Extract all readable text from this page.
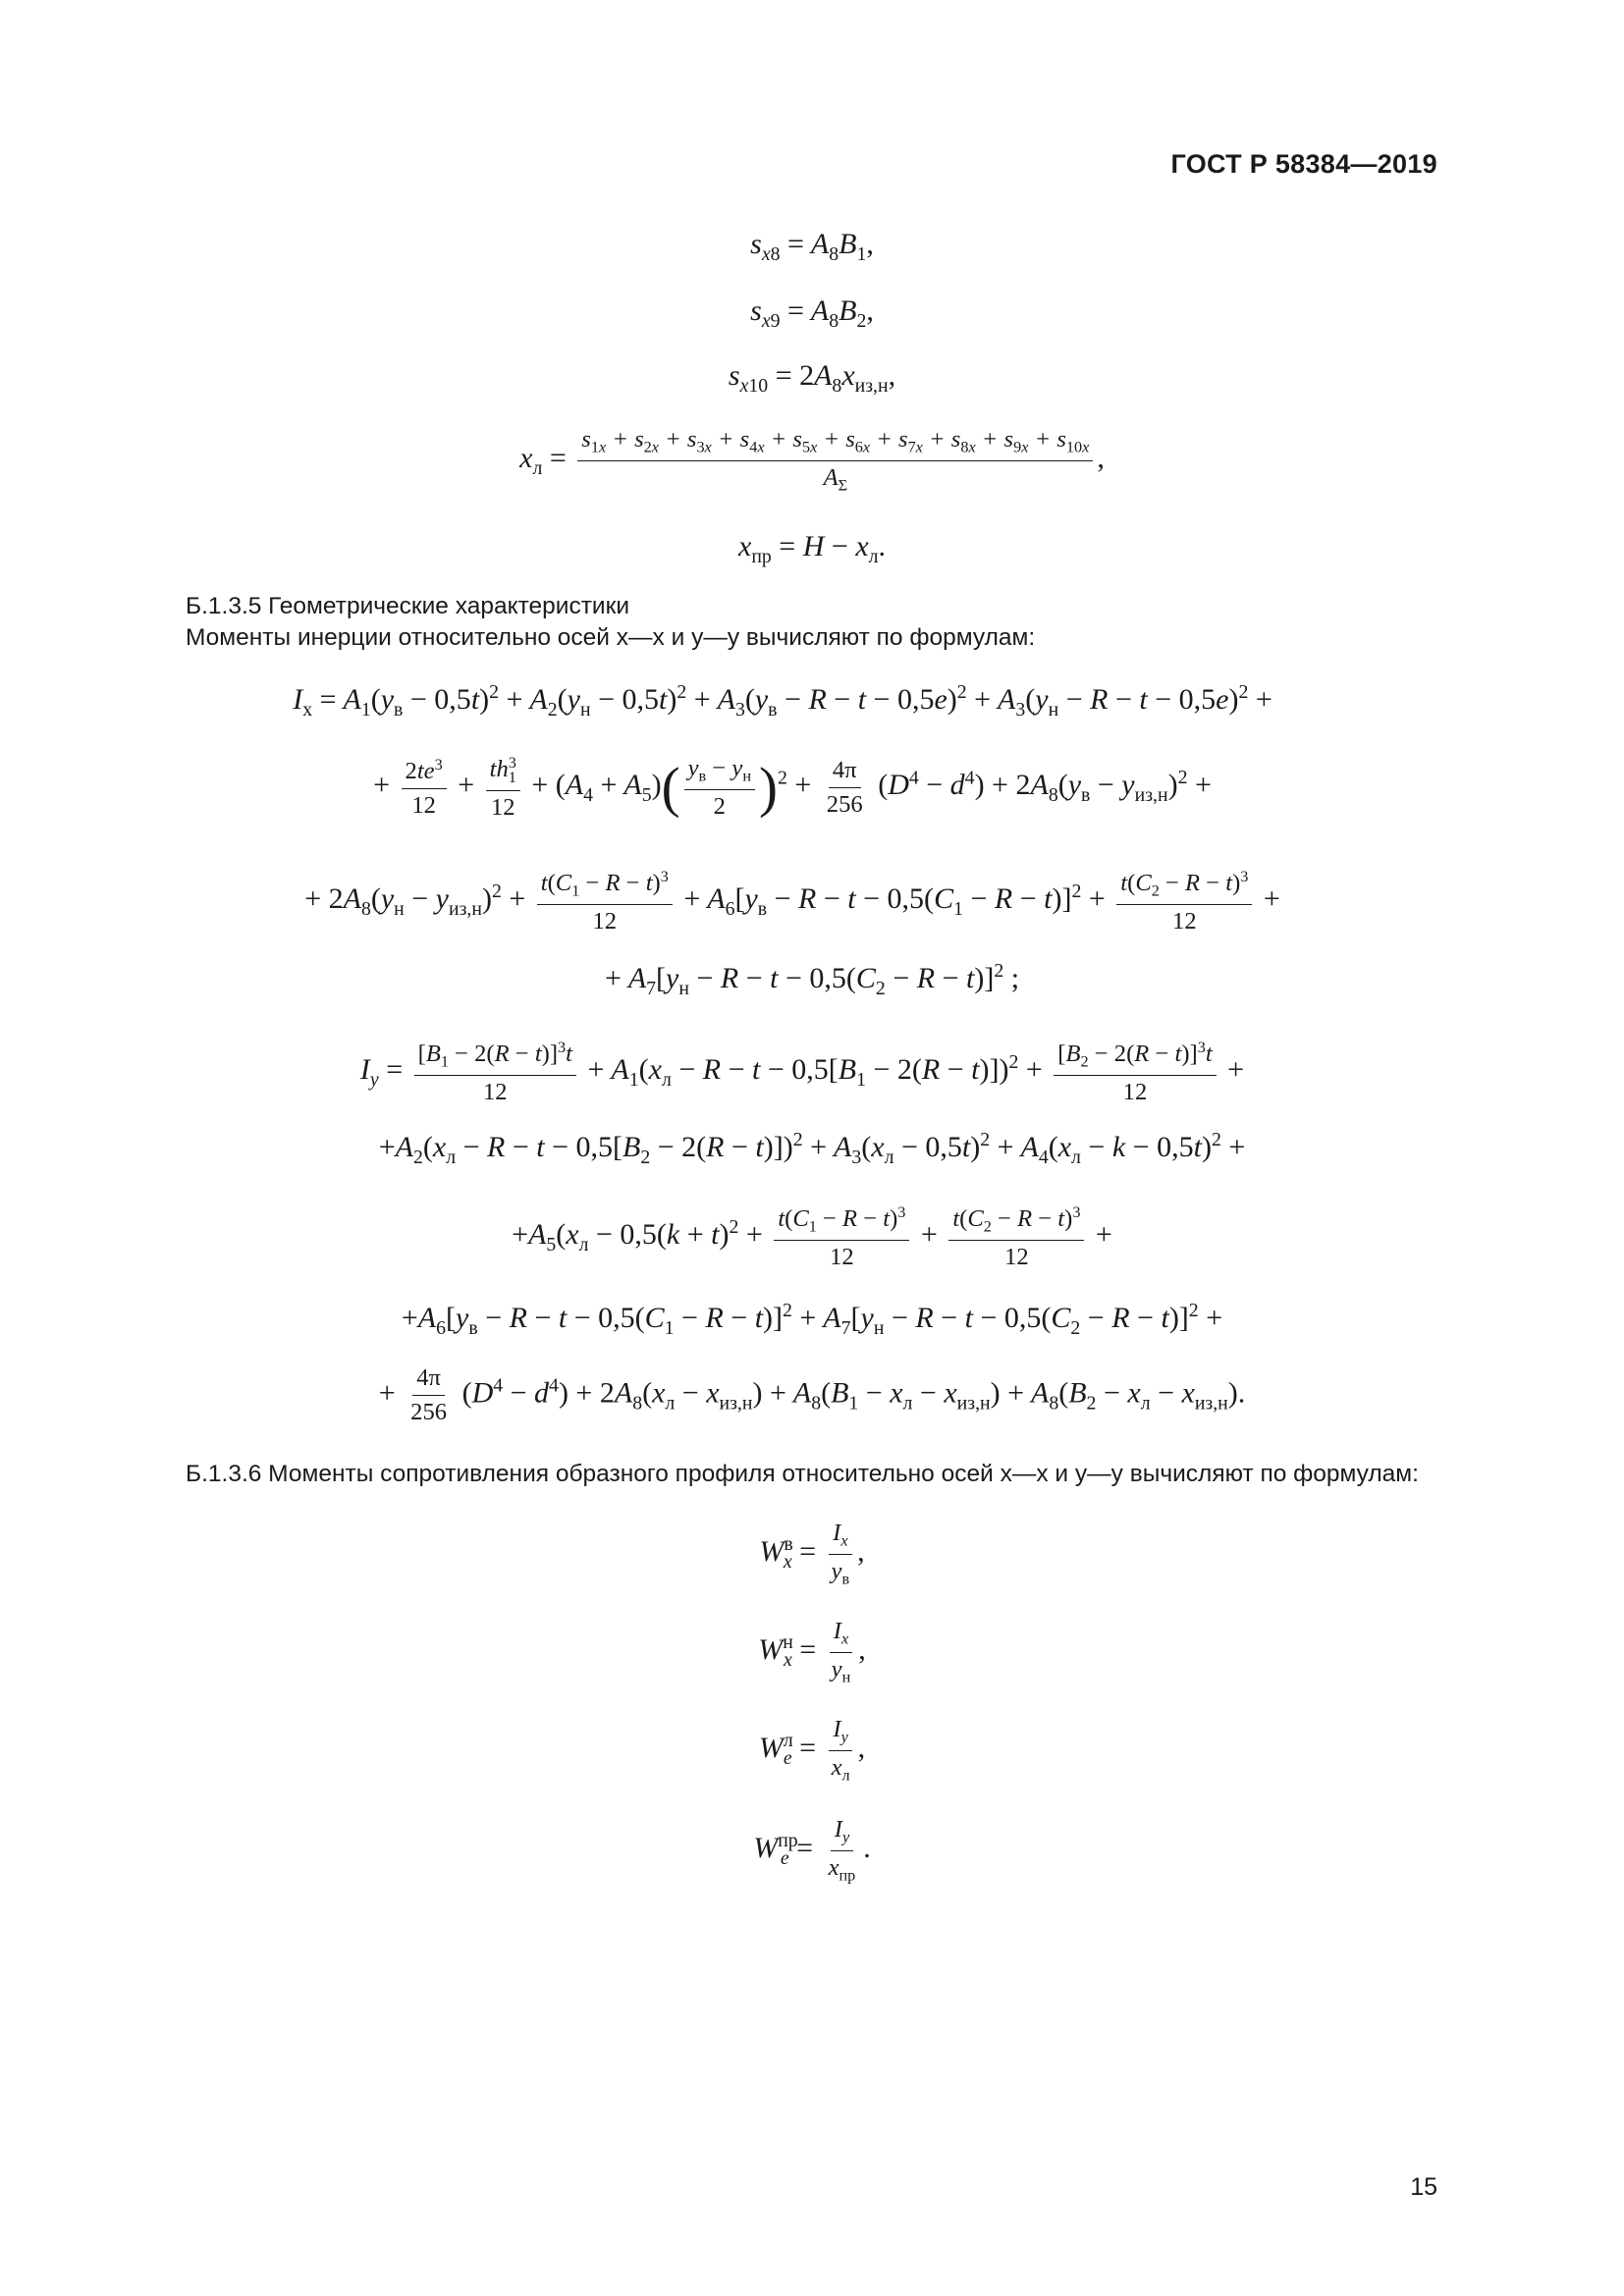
ГОСТ Р 58384—2019
$s_{x8} = A_8B_1$,
$s_{x9} = A_8B_2$,
$s_{x10} = 2A_8x_{из,н}$,
$x_л = \frac{s_{1x} + s_{2x} + s_{3x} + s_{4x} + s_{5x} + s_{6x} + s_{7x} + s_{8x} + s_{9x} + s_{10x}}{A_\Sigma}$ ,
$x_{пр} = H - x_л$.
Б.1.3.5 Геометрические характеристики
Моменты инерции относительно осей x—x и y—y вычисляют по формулам:
$I_x = A_1(y_в - 0,5t)^2 + A_2(y_н - 0,5t)^2 + A_3(y_в - R - t - 0,5e)^2 + A_3(y_н - R - t - 0,5e)^2$ +
+ $\frac{2te^3}{12} + \frac{th^3_1}{12} + (A_4 + A_5)( \frac{y_в - y_н}{2} )^2 + \frac{4\pi}{256} (D^4 - d^4) + 2A_8(y_в - y_{из,н})^2$ +
+ $2A_8(y_н - y_{из,н})^2 + \frac{t(C_1 - R - t)^3}{12} + A_6[y_в - R - t - 0,5(C_1 - R - t)]^2 + \frac{t(C_2 - R - t)^3}{12}$ +
+ $A_7[y_н - R - t - 0,5(C_2 - R - t)]^2$ ;
$I_y = \frac{[B_1 - 2(R - t)]^3t}{12} + A_1(x_л - R - t - 0,5[B_1 - 2(R - t)])^2 + \frac{[B_2 - 2(R - t)]^3t}{12}$ +
$+A_2(x_л - R - t - 0,5[B_2 - 2(R - t)])^2 + A_3(x_л - 0,5t)^2 + A_4(x_л - k - 0,5t)^2$ +
$+A_5(x_л - 0,5(k + t)^2 + \frac{t(C_1 - R - t)^3}{12} + \frac{t(C_2 - R - t)^3}{12}$ +
$+A_6[y_в - R - t - 0,5(C_1 - R - t)]^2 + A_7[y_н - R - t - 0,5(C_2 - R - t)]^2$ +
+ $\frac{4\pi}{256} (D^4 - d^4) + 2A_8(x_л - x_{из,н}) + A_8(B_1 - x_л - x_{из,н}) + A_8(B_2 - x_л - x_{из,н})$.
Б.1.3.6 Моменты сопротивления образного профиля относительно осей x—x и y—y вычисляют по формулам:
$W^в_x = \frac{I_x}{y_в}$ ,
$W^н_x = \frac{I_x}{y_н}$ ,
$W^л_e = \frac{I_y}{x_л}$ ,
$W^{пр}_e = \frac{I_y}{x_{пр}}$ .
15
